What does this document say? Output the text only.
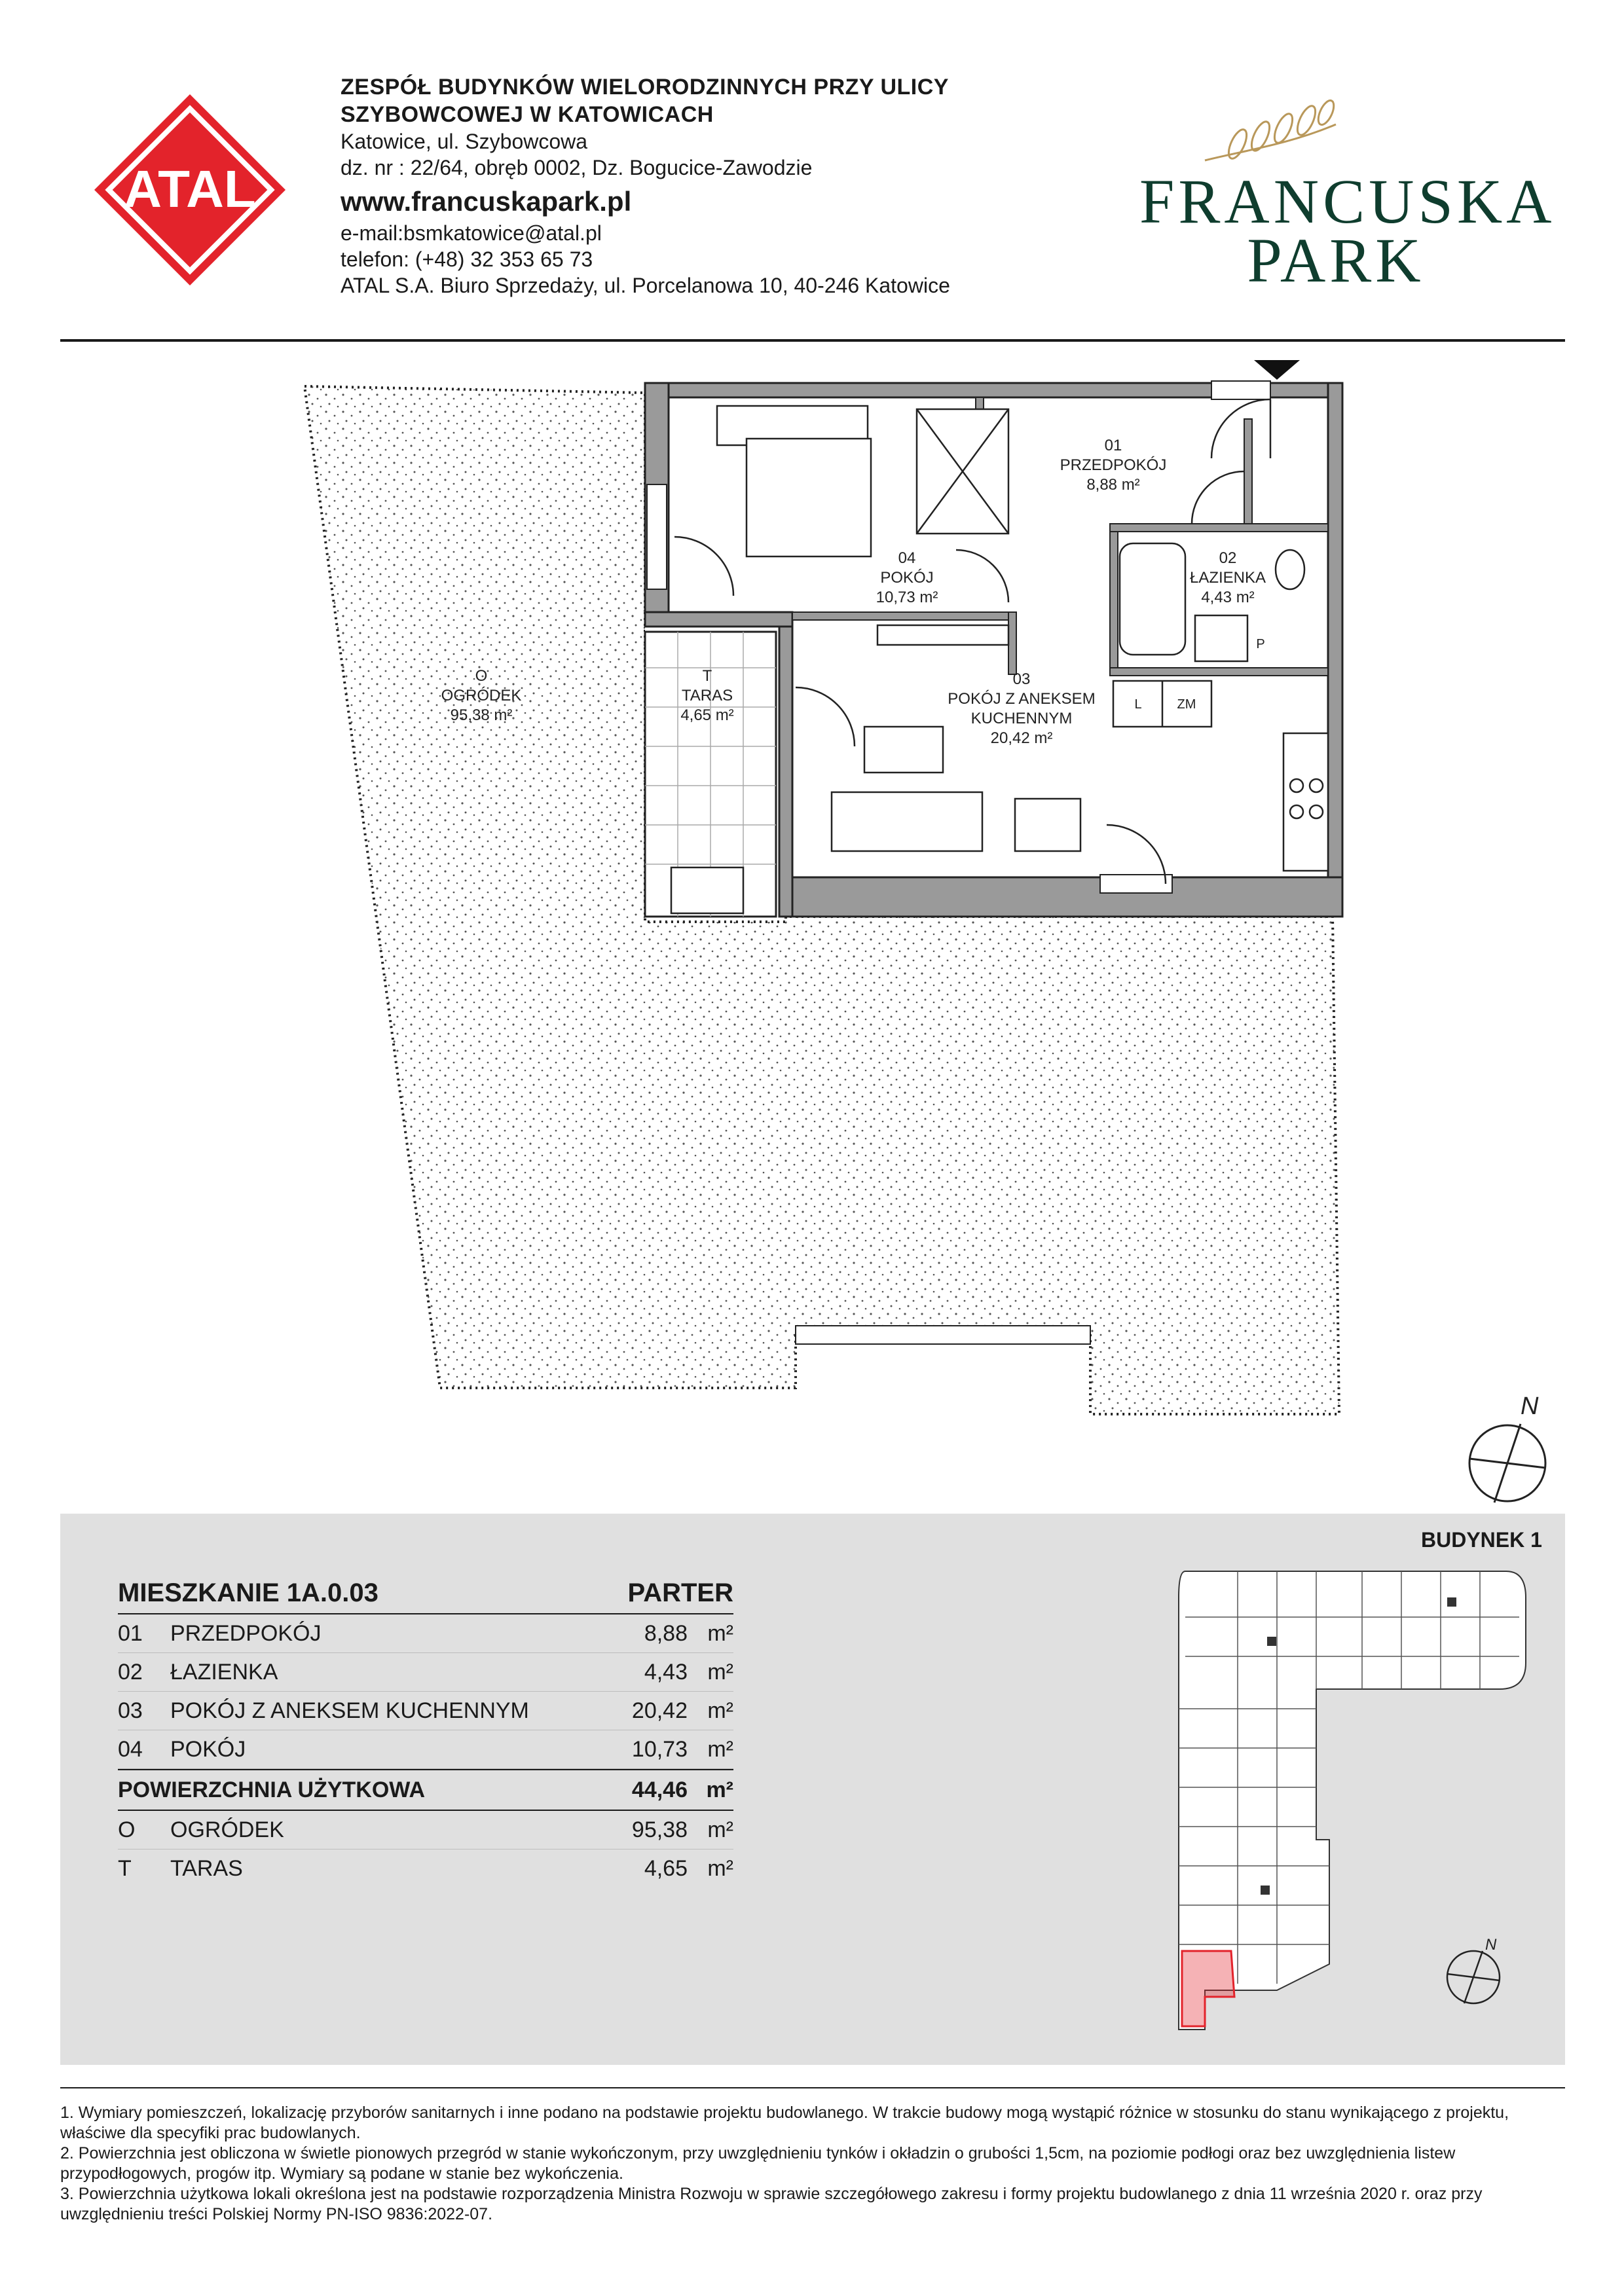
ATAL
ZESPÓŁ BUDYNKÓW WIELORODZINNYCH PRZY ULICY
SZYBOWCOWEJ W KATOWICACH
Katowice, ul. Szybowcowa
dz. nr : 22/64, obręb 0002, Dz. Bogucice-Zawodzie
www.francuskapark.pl
e-mail:bsmkatowice@atal.pl
telefon: (+48) 32 353 65 73
ATAL S.A. Biuro Sprzedaży, ul. Porcelanowa 10, 40-246 Katowice
FRANCUSKA
PARK
01
PRZEDPOKÓJ
8,88 m²
02
ŁAZIENKA
4,43 m²
03
POKÓJ Z ANEKSEM
KUCHENNYM
20,42 m²
04
POKÓJ
10,73 m²
T
TARAS
4,65 m²
O
OGRÓDEK
95,38 m²
L	ZM
P
N
BUDYNEK 1
MIESZKANIE 1A.0.03	PARTER
01	PRZEDPOKÓJ	8,88 m²
02	ŁAZIENKA	4,43 m²
03	POKÓJ Z ANEKSEM KUCHENNYM	20,42 m²
04	POKÓJ	10,73 m²
POWIERZCHNIA UŻYTKOWA	44,46 m²
O	OGRÓDEK	95,38 m²
T	TARAS	4,65 m²
N

1. Wymiary pomieszczeń, lokalizację przyborów sanitarnych i inne podano na podstawie projektu budowlanego. W trakcie budowy mogą wystąpić różnice w stosunku do stanu wynikającego z projektu, właściwe dla specyfiki prac budowlanych.

2. Powierzchnia jest obliczona w świetle pionowych przegród w stanie wykończonym, przy uwzględnieniu tynków i okładzin o grubości 1,5cm, na poziomie podłogi oraz bez uwzględnienia listew przypodłogowych, progów itp. Wymiary są podane w stanie bez wykończenia.

3. Powierzchnia użytkowa lokali określona jest na podstawie rozporządzenia Ministra Rozwoju w sprawie szczegółowego zakresu i formy projektu budowlanego z dnia 11 września 2020 r. oraz przy uwzględnieniu treści Polskiej Normy PN-ISO 9836:2022-07.
